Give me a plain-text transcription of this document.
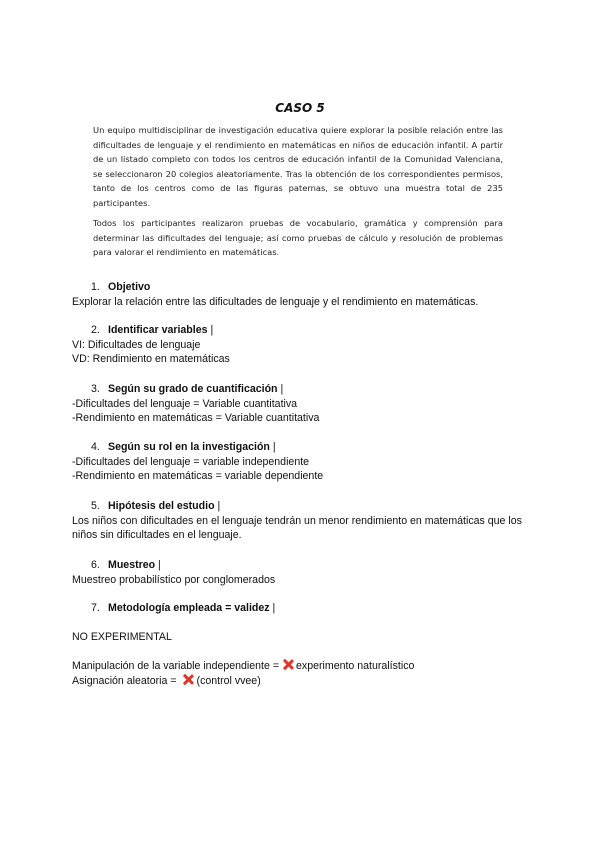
CASO 5

Un equipo multidisciplinar de investigación educativa quiere explorar la posible relación entre las dificultades de lenguaje y el rendimiento en matemáticas en niños de educación infantil. A partir de un listado completo con todos los centros de educación infantil de la Comunidad Valenciana, se seleccionaron 20 colegios aleatoriamente. Tras la obtención de los correspondientes permisos, tanto de los centros como de las figuras paternas, se obtuvo una muestra total de 235 participantes.

Todos los participantes realizaron pruebas de vocabulario, gramática y comprensión para determinar las dificultades del lenguaje; así como pruebas de cálculo y resolución de problemas para valorar el rendimiento en matemáticas.

1. Objetivo

Explorar la relación entre las dificultades de lenguaje y el rendimiento en matemáticas.

2. Identificar variables |

VI: Dificultades de lenguaje

VD: Rendimiento en matemáticas

3. Según su grado de cuantificación |

-Dificultades del lenguaje = Variable cuantitativa

-Rendimiento en matemáticas = Variable cuantitativa

4. Según su rol en la investigación |

-Dificultades del lenguaje = variable independiente

-Rendimiento en matemáticas = variable dependiente

5. Hipótesis del estudio |

Los niños con dificultades en el lenguaje tendrán un menor rendimiento en matemáticas que los niños sin dificultades en el lenguaje.

6. Muestreo |

Muestreo probabilístico por conglomerados

7. Metodología empleada = validez |

NO EXPERIMENTAL

Manipulación de la variable independiente = experimento naturalístico

Asignación aleatoria = (control vvee)
